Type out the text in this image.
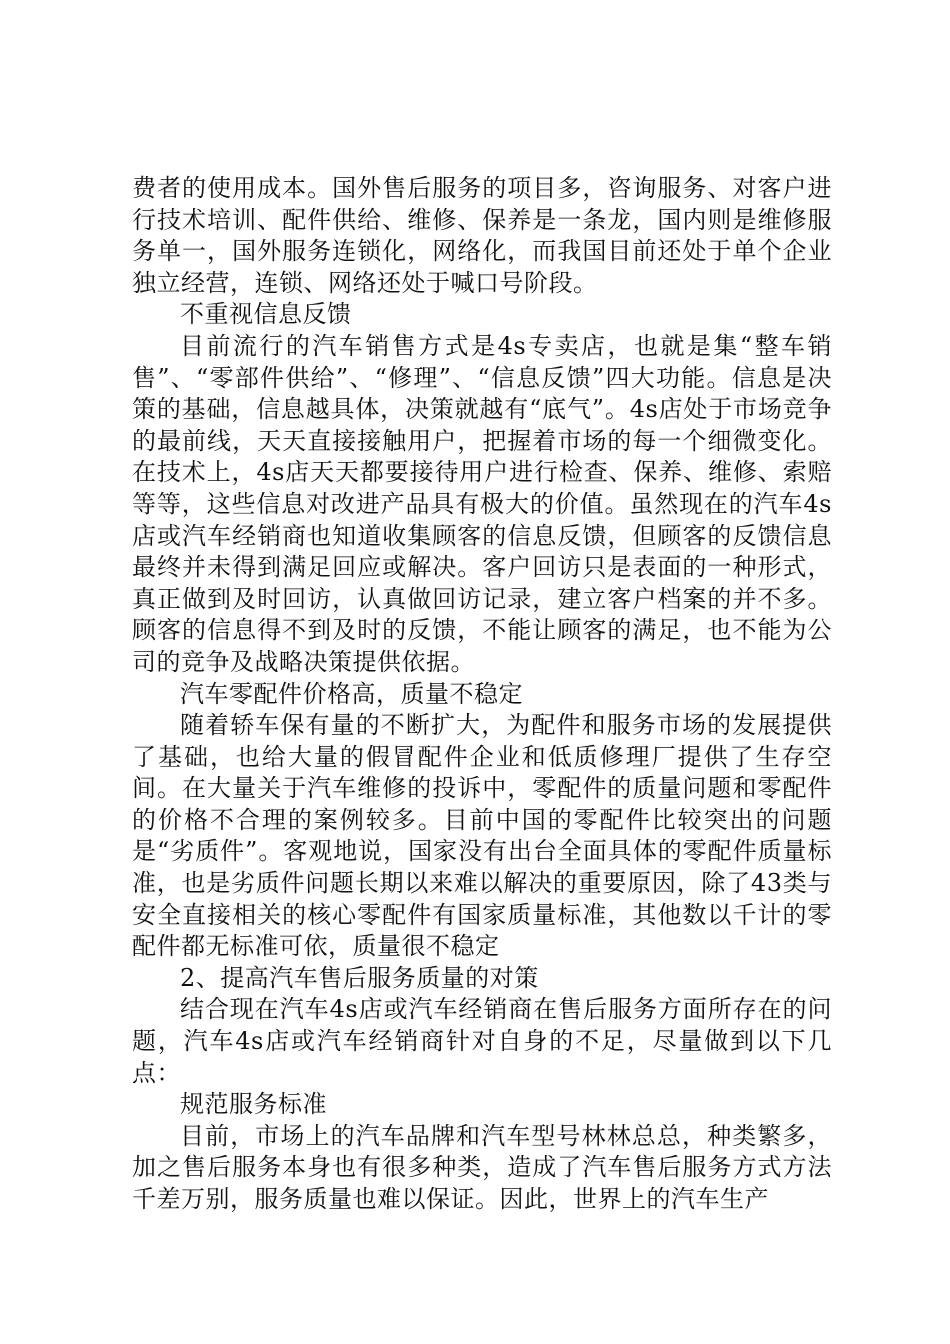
费者的使用成本。国外售后服务的项目多，咨询服务、对客户进行技术培训、配件供给、维修、保养是一条龙，国内则是维修服务单一，国外服务连锁化，网络化，而我国目前还处于单个企业独立经营，连锁、网络还处于喊口号阶段。

不重视信息反馈

目前流行的汽车销售方式是4s专卖店，也就是集“整车销售”、“零部件供给”、“修理”、“信息反馈”四大功能。信息是决策的基础，信息越具体，决策就越有“底气”。4s店处于市场竞争的最前线，天天直接接触用户，把握着市场的每一个细微变化。在技术上，4s店天天都要接待用户进行检查、保养、维修、索赔等等，这些信息对改进产品具有极大的价值。虽然现在的汽车4s店或汽车经销商也知道收集顾客的信息反馈，但顾客的反馈信息最终并未得到满足回应或解决。客户回访只是表面的一种形式，真正做到及时回访，认真做回访记录，建立客户档案的并不多。顾客的信息得不到及时的反馈，不能让顾客的满足，也不能为公司的竞争及战略决策提供依据。

汽车零配件价格高，质量不稳定

随着轿车保有量的不断扩大，为配件和服务市场的发展提供了基础，也给大量的假冒配件企业和低质修理厂提供了生存空间。在大量关于汽车维修的投诉中，零配件的质量问题和零配件的价格不合理的案例较多。目前中国的零配件比较突出的问题是“劣质件”。客观地说，国家没有出台全面具体的零配件质量标准，也是劣质件问题长期以来难以解决的重要原因，除了43类与安全直接相关的核心零配件有国家质量标准，其他数以千计的零配件都无标准可依，质量很不稳定

2、提高汽车售后服务质量的对策

结合现在汽车4s店或汽车经销商在售后服务方面所存在的问题，汽车4s店或汽车经销商针对自身的不足，尽量做到以下几点：

规范服务标准

目前，市场上的汽车品牌和汽车型号林林总总，种类繁多，加之售后服务本身也有很多种类，造成了汽车售后服务方式方法千差万别，服务质量也难以保证。因此，世界上的汽车生产
